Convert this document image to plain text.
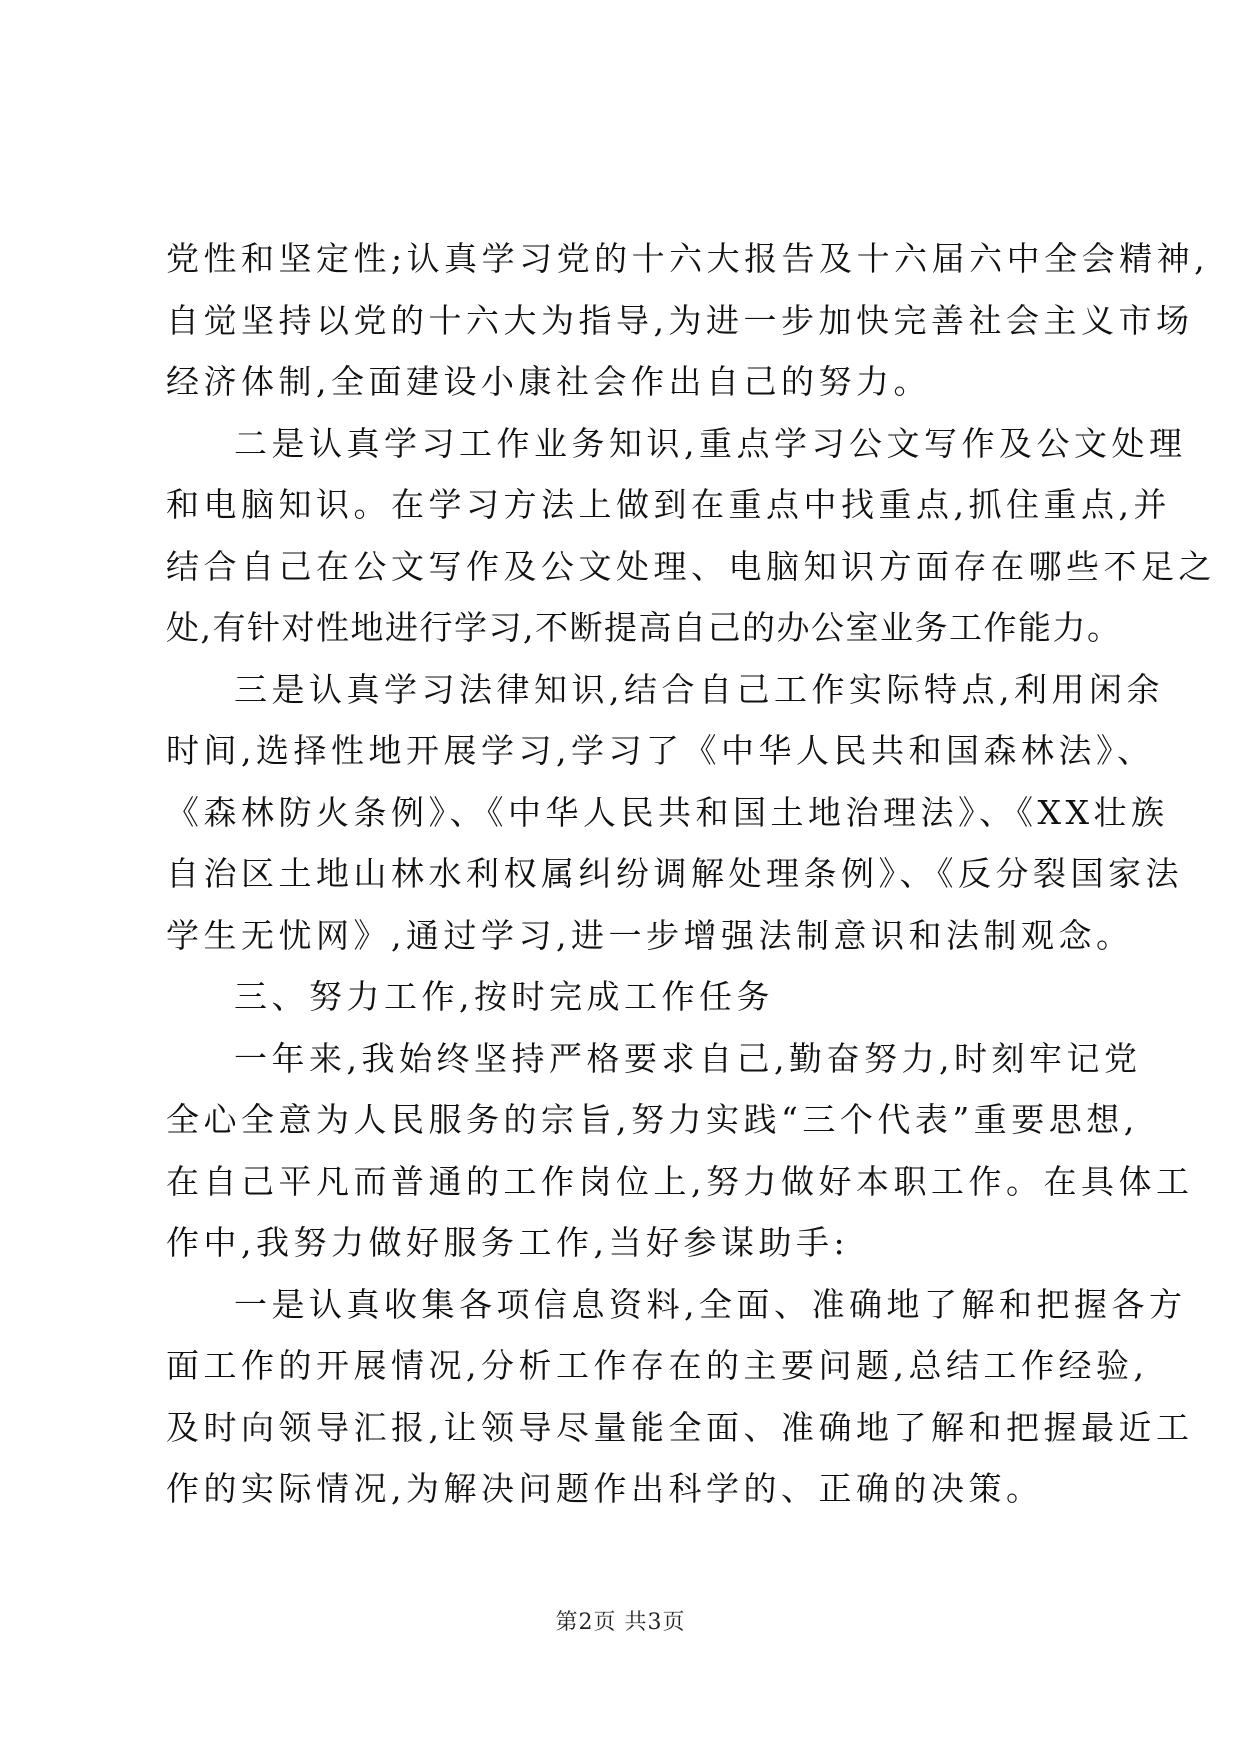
党性和坚定性;认真学习党的十六大报告及十六届六中全会精神,
自觉坚持以党的十六大为指导,为进一步加快完善社会主义市场
经济体制,全面建设小康社会作出自己的努力。
二是认真学习工作业务知识,重点学习公文写作及公文处理
和电脑知识。在学习方法上做到在重点中找重点,抓住重点,并
结合自己在公文写作及公文处理、电脑知识方面存在哪些不足之
处,有针对性地进行学习,不断提高自己的办公室业务工作能力。
三是认真学习法律知识,结合自己工作实际特点,利用闲余
时间,选择性地开展学习,学习了《中华人民共和国森林法》、
《森林防火条例》、《中华人民共和国土地治理法》、《XX壮族
自治区土地山林水利权属纠纷调解处理条例》、《反分裂国家法
学生无忧网》,通过学习,进一步增强法制意识和法制观念。
三、努力工作,按时完成工作任务
一年来,我始终坚持严格要求自己,勤奋努力,时刻牢记党
全心全意为人民服务的宗旨,努力实践“三个代表”重要思想,
在自己平凡而普通的工作岗位上,努力做好本职工作。在具体工
作中,我努力做好服务工作,当好参谋助手:
一是认真收集各项信息资料,全面、准确地了解和把握各方
面工作的开展情况,分析工作存在的主要问题,总结工作经验,
及时向领导汇报,让领导尽量能全面、准确地了解和把握最近工
作的实际情况,为解决问题作出科学的、正确的决策。
第2页 共3页
